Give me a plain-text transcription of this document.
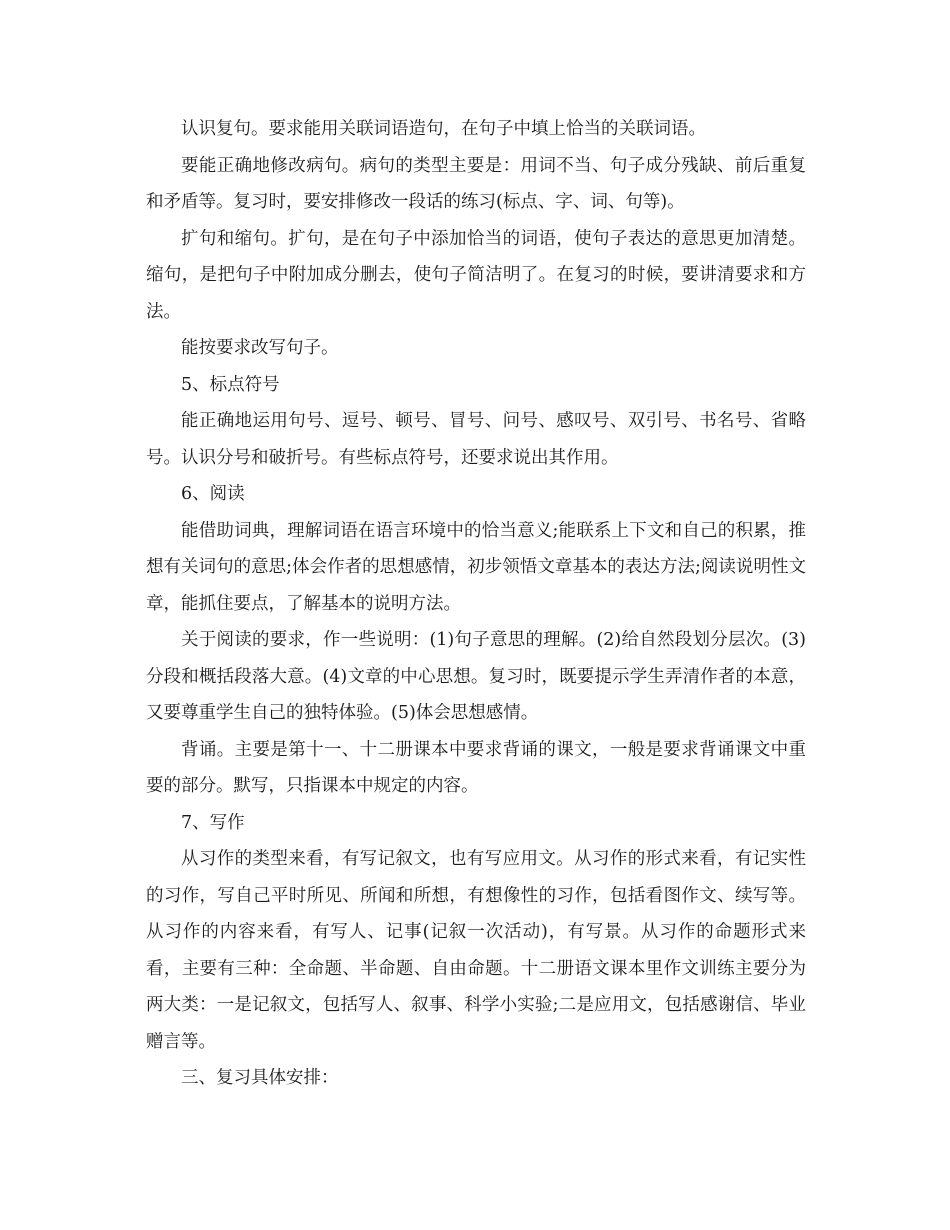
认识复句。要求能用关联词语造句，在句子中填上恰当的关联词语。

要能正确地修改病句。病句的类型主要是：用词不当、句子成分残缺、前后重复和矛盾等。复习时，要安排修改一段话的练习(标点、字、词、句等)。

扩句和缩句。扩句，是在句子中添加恰当的词语，使句子表达的意思更加清楚。缩句，是把句子中附加成分删去，使句子简洁明了。在复习的时候，要讲清要求和方法。

能按要求改写句子。

5、标点符号

能正确地运用句号、逗号、顿号、冒号、问号、感叹号、双引号、书名号、省略号。认识分号和破折号。有些标点符号，还要求说出其作用。

6、阅读

能借助词典，理解词语在语言环境中的恰当意义;能联系上下文和自己的积累，推想有关词句的意思;体会作者的思想感情，初步领悟文章基本的表达方法;阅读说明性文章，能抓住要点，了解基本的说明方法。

关于阅读的要求，作一些说明：(1)句子意思的理解。(2)给自然段划分层次。(3)分段和概括段落大意。(4)文章的中心思想。复习时，既要提示学生弄清作者的本意，又要尊重学生自己的独特体验。(5)体会思想感情。

背诵。主要是第十一、十二册课本中要求背诵的课文，一般是要求背诵课文中重要的部分。默写，只指课本中规定的内容。

7、写作

从习作的类型来看，有写记叙文，也有写应用文。从习作的形式来看，有记实性的习作，写自己平时所见、所闻和所想，有想像性的习作，包括看图作文、续写等。从习作的内容来看，有写人、记事(记叙一次活动)，有写景。从习作的命题形式来看，主要有三种：全命题、半命题、自由命题。十二册语文课本里作文训练主要分为两大类：一是记叙文，包括写人、叙事、科学小实验;二是应用文，包括感谢信、毕业赠言等。

三、复习具体安排：
